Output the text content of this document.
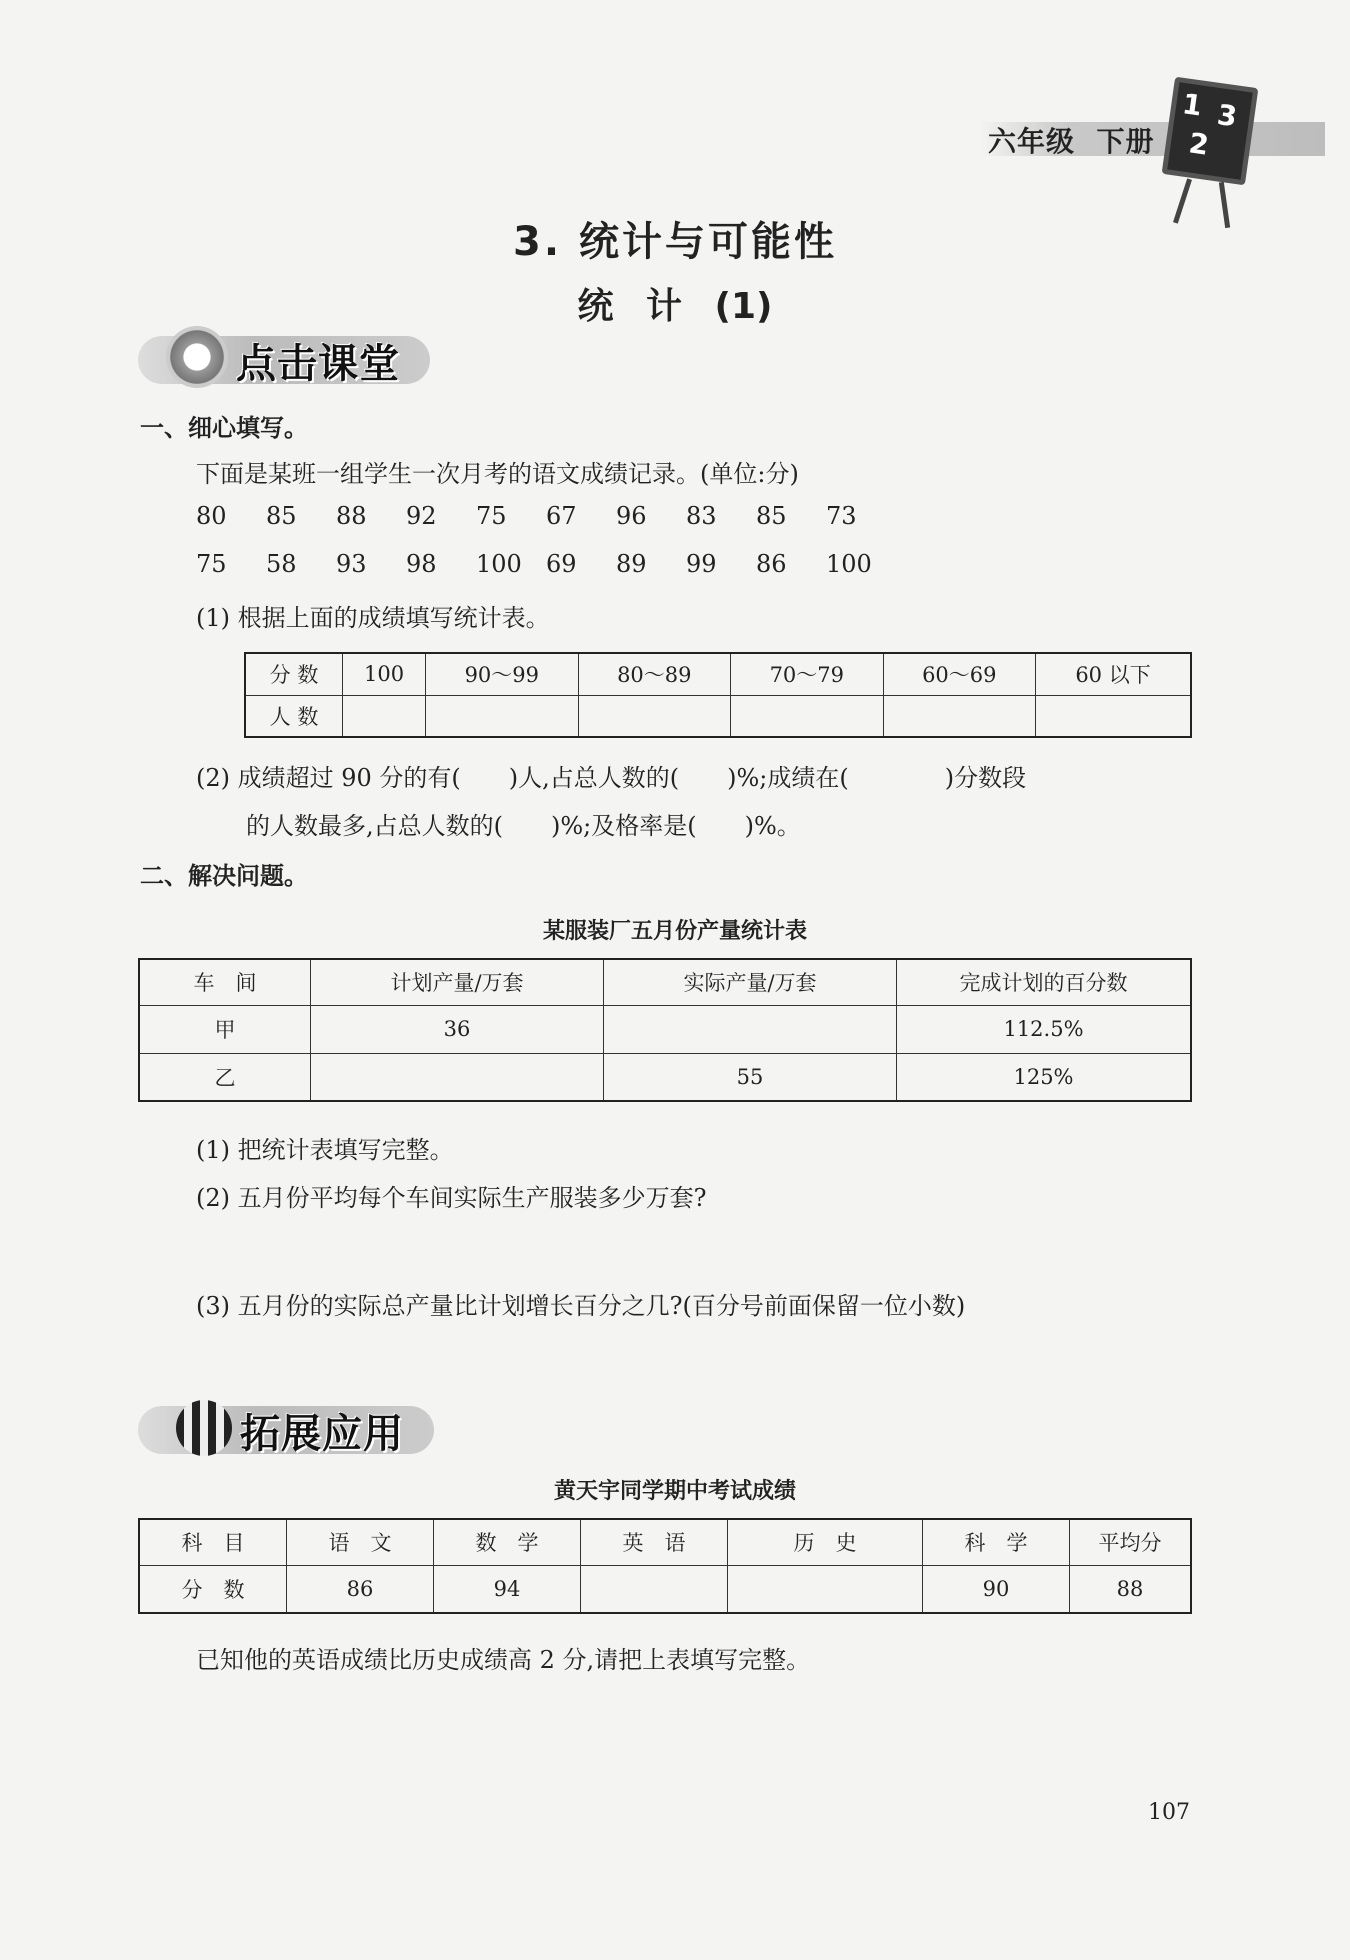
六年级 下册
1 3
2
3. 统计与可能性
统 计 (1)
点击课堂
一、细心填写。
下面是某班一组学生一次月考的语文成绩记录。(单位:分)
80	85	88	92	75	67	96	83	85	73
75	58	93	98	100	69	89	99	86	100
(1) 根据上面的成绩填写统计表。
分 数	100	90～99	80～89	70～79	60～69	60 以下
人 数						
(2) 成绩超过 90 分的有(　　)人,占总人数的(　　)%;成绩在(　　　　)分数段
的人数最多,占总人数的(　　)%;及格率是(　　)%。
二、解决问题。
某服装厂五月份产量统计表
车　间	计划产量/万套	实际产量/万套	完成计划的百分数
甲	36		112.5%
乙		55	125%
(1) 把统计表填写完整。
(2) 五月份平均每个车间实际生产服装多少万套?
(3) 五月份的实际总产量比计划增长百分之几?(百分号前面保留一位小数)
拓展应用
黄天宇同学期中考试成绩
科　目	语　文	数　学	英　语	历　史	科　学	平均分
分　数	86	94			90	88
已知他的英语成绩比历史成绩高 2 分,请把上表填写完整。
107
